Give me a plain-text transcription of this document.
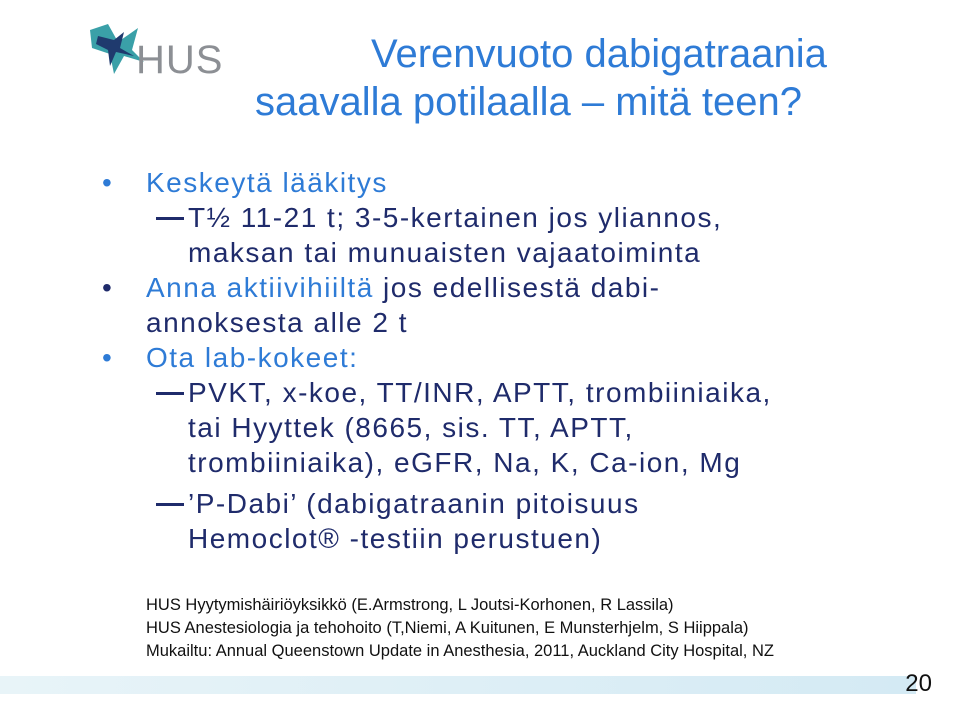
HUS	Verenvuoto dabigatraania
saavalla potilaalla – mitä teen?
• Keskeytä lääkitys
T½ 11-21 t; 3-5-kertainen jos yliannos,
maksan tai munuaisten vajaatoiminta
• Anna aktiivihiiltä jos edellisestä dabi-
annoksesta alle 2 t
• Ota lab-kokeet:
PVKT, x-koe, TT/INR, APTT, trombiiniaika,
tai Hyyttek (8665, sis. TT, APTT,
trombiiniaika), eGFR, Na, K, Ca-ion, Mg
’P-Dabi’ (dabigatraanin pitoisuus
Hemoclot® -testiin perustuen)
HUS Hyytymishäiriöyksikkö (E.Armstrong, L Joutsi-Korhonen, R Lassila)
HUS Anestesiologia ja tehohoito (T,Niemi, A Kuitunen, E Munsterhjelm, S Hiippala)
Mukailtu: Annual Queenstown Update in Anesthesia, 2011, Auckland City Hospital, NZ
20
